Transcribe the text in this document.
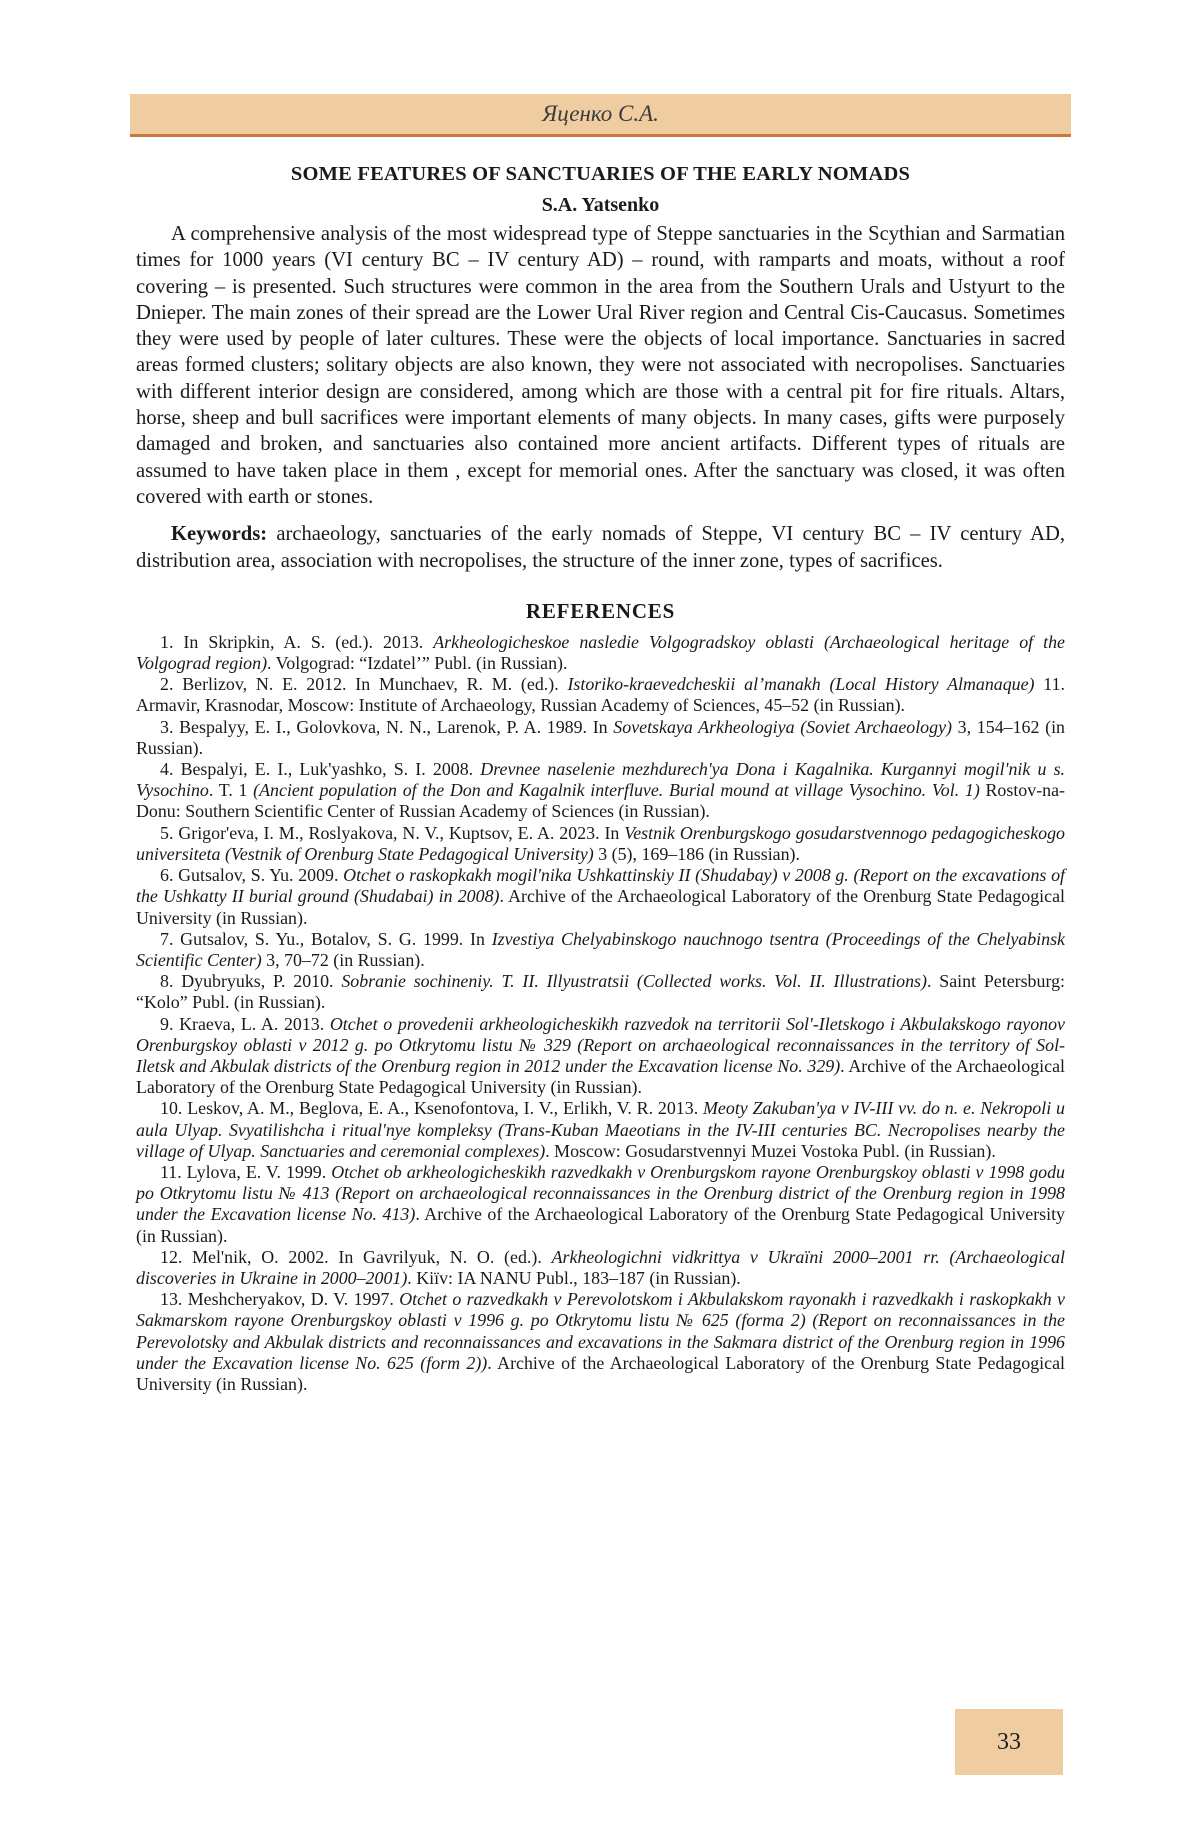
Яценко С.А.
SOME FEATURES OF SANCTUARIES OF THE EARLY NOMADS
S.A. Yatsenko

A comprehensive analysis of the most widespread type of Steppe sanctuaries in the Scythian and Sarmatian times for 1000 years (VI century BC – IV century AD) – round, with ramparts and moats, without a roof covering – is presented. Such structures were common in the area from the Southern Urals and Ustyurt to the Dnieper. The main zones of their spread are the Lower Ural River region and Central Cis-Caucasus. Sometimes they were used by people of later cultures. These were the objects of local importance. Sanctuaries in sacred areas formed clusters; solitary objects are also known, they were not associated with necropolises. Sanctuaries with different interior design are considered, among which are those with a central pit for fire rituals. Altars, horse, sheep and bull sacrifices were important elements of many objects. In many cases, gifts were purposely damaged and broken, and sanctuaries also contained more ancient artifacts. Different types of rituals are assumed to have taken place in them , except for memorial ones. After the sanctuary was closed, it was often covered with earth or stones.

Keywords: archaeology, sanctuaries of the early nomads of Steppe, VI century BC – IV century AD, distribution area, association with necropolises, the structure of the inner zone, types of sacrifices.

REFERENCES

1. In Skripkin, A. S. (ed.). 2013. Arkheologicheskoe nasledie Volgogradskoy oblasti (Archaeological heritage of the Volgograd region). Volgograd: “Izdatel’” Publ. (in Russian).

2. Berlizov, N. E. 2012. In Munchaev, R. M. (ed.). Istoriko-kraevedcheskii al’manakh (Local History Almanaque) 11. Armavir, Krasnodar, Moscow: Institute of Archaeology, Russian Academy of Sciences, 45–52 (in Russian).

3. Bespalyy, E. I., Golovkova, N. N., Larenok, P. A. 1989. In Sovetskaya Arkheologiya (Soviet Archaeology) 3, 154–162 (in Russian).

4. Bespalyi, E. I., Luk'yashko, S. I. 2008. Drevnee naselenie mezhdurech'ya Dona i Kagalnika. Kurgannyi mogil'nik u s. Vysochino. T. 1 (Ancient population of the Don and Kagalnik interfluve. Burial mound at village Vysochino. Vol. 1) Rostov-na-Donu: Southern Scientific Center of Russian Academy of Sciences (in Russian).

5. Grigor'eva, I. M., Roslyakova, N. V., Kuptsov, E. A. 2023. In Vestnik Orenburgskogo gosudarstvennogo pedagogicheskogo universiteta (Vestnik of Orenburg State Pedagogical University) 3 (5), 169–186 (in Russian).

6. Gutsalov, S. Yu. 2009. Otchet o raskopkakh mogil'nika Ushkattinskiy II (Shudabay) v 2008 g. (Report on the excavations of the Ushkatty II burial ground (Shudabai) in 2008). Archive of the Archaeological Laboratory of the Orenburg State Pedagogical University (in Russian).

7. Gutsalov, S. Yu., Botalov, S. G. 1999. In Izvestiya Chelyabinskogo nauchnogo tsentra (Proceedings of the Chelyabinsk Scientific Center) 3, 70–72 (in Russian).

8. Dyubryuks, P. 2010. Sobranie sochineniy. T. II. Illyustratsii (Collected works. Vol. II. Illustrations). Saint Petersburg: “Kolo” Publ. (in Russian).

9. Kraeva, L. A. 2013. Otchet o provedenii arkheologicheskikh razvedok na territorii Sol'-Iletskogo i Akbulakskogo rayonov Orenburgskoy oblasti v 2012 g. po Otkrytomu listu № 329 (Report on archaeological reconnaissances in the territory of Sol-Iletsk and Akbulak districts of the Orenburg region in 2012 under the Excavation license No. 329). Archive of the Archaeological Laboratory of the Orenburg State Pedagogical University (in Russian).

10. Leskov, A. M., Beglova, E. A., Ksenofontova, I. V., Erlikh, V. R. 2013. Meoty Zakuban'ya v IV-III vv. do n. e. Nekropoli u aula Ulyap. Svyatilishcha i ritual'nye kompleksy (Trans-Kuban Maeotians in the IV-III centuries BC. Necropolises nearby the village of Ulyap. Sanctuaries and ceremonial complexes). Moscow: Gosudarstvennyi Muzei Vostoka Publ. (in Russian).

11. Lylova, E. V. 1999. Otchet ob arkheologicheskikh razvedkakh v Orenburgskom rayone Orenburgskoy oblasti v 1998 godu po Otkrytomu listu № 413 (Report on archaeological reconnaissances in the Orenburg district of the Orenburg region in 1998 under the Excavation license No. 413). Archive of the Archaeological Laboratory of the Orenburg State Pedagogical University (in Russian).

12. Mel'nik, O. 2002. In Gavrilyuk, N. O. (ed.). Arkheologichni vidkrittya v Ukraïni 2000–2001 rr. (Archaeological discoveries in Ukraine in 2000–2001). Kiïv: IA NANU Publ., 183–187 (in Russian).

13. Meshcheryakov, D. V. 1997. Otchet o razvedkakh v Perevolotskom i Akbulakskom rayonakh i razvedkakh i raskopkakh v Sakmarskom rayone Orenburgskoy oblasti v 1996 g. po Otkrytomu listu № 625 (forma 2) (Report on reconnaissances in the Perevolotsky and Akbulak districts and reconnaissances and excavations in the Sakmara district of the Orenburg region in 1996 under the Excavation license No. 625 (form 2)). Archive of the Archaeological Laboratory of the Orenburg State Pedagogical University (in Russian).

33
